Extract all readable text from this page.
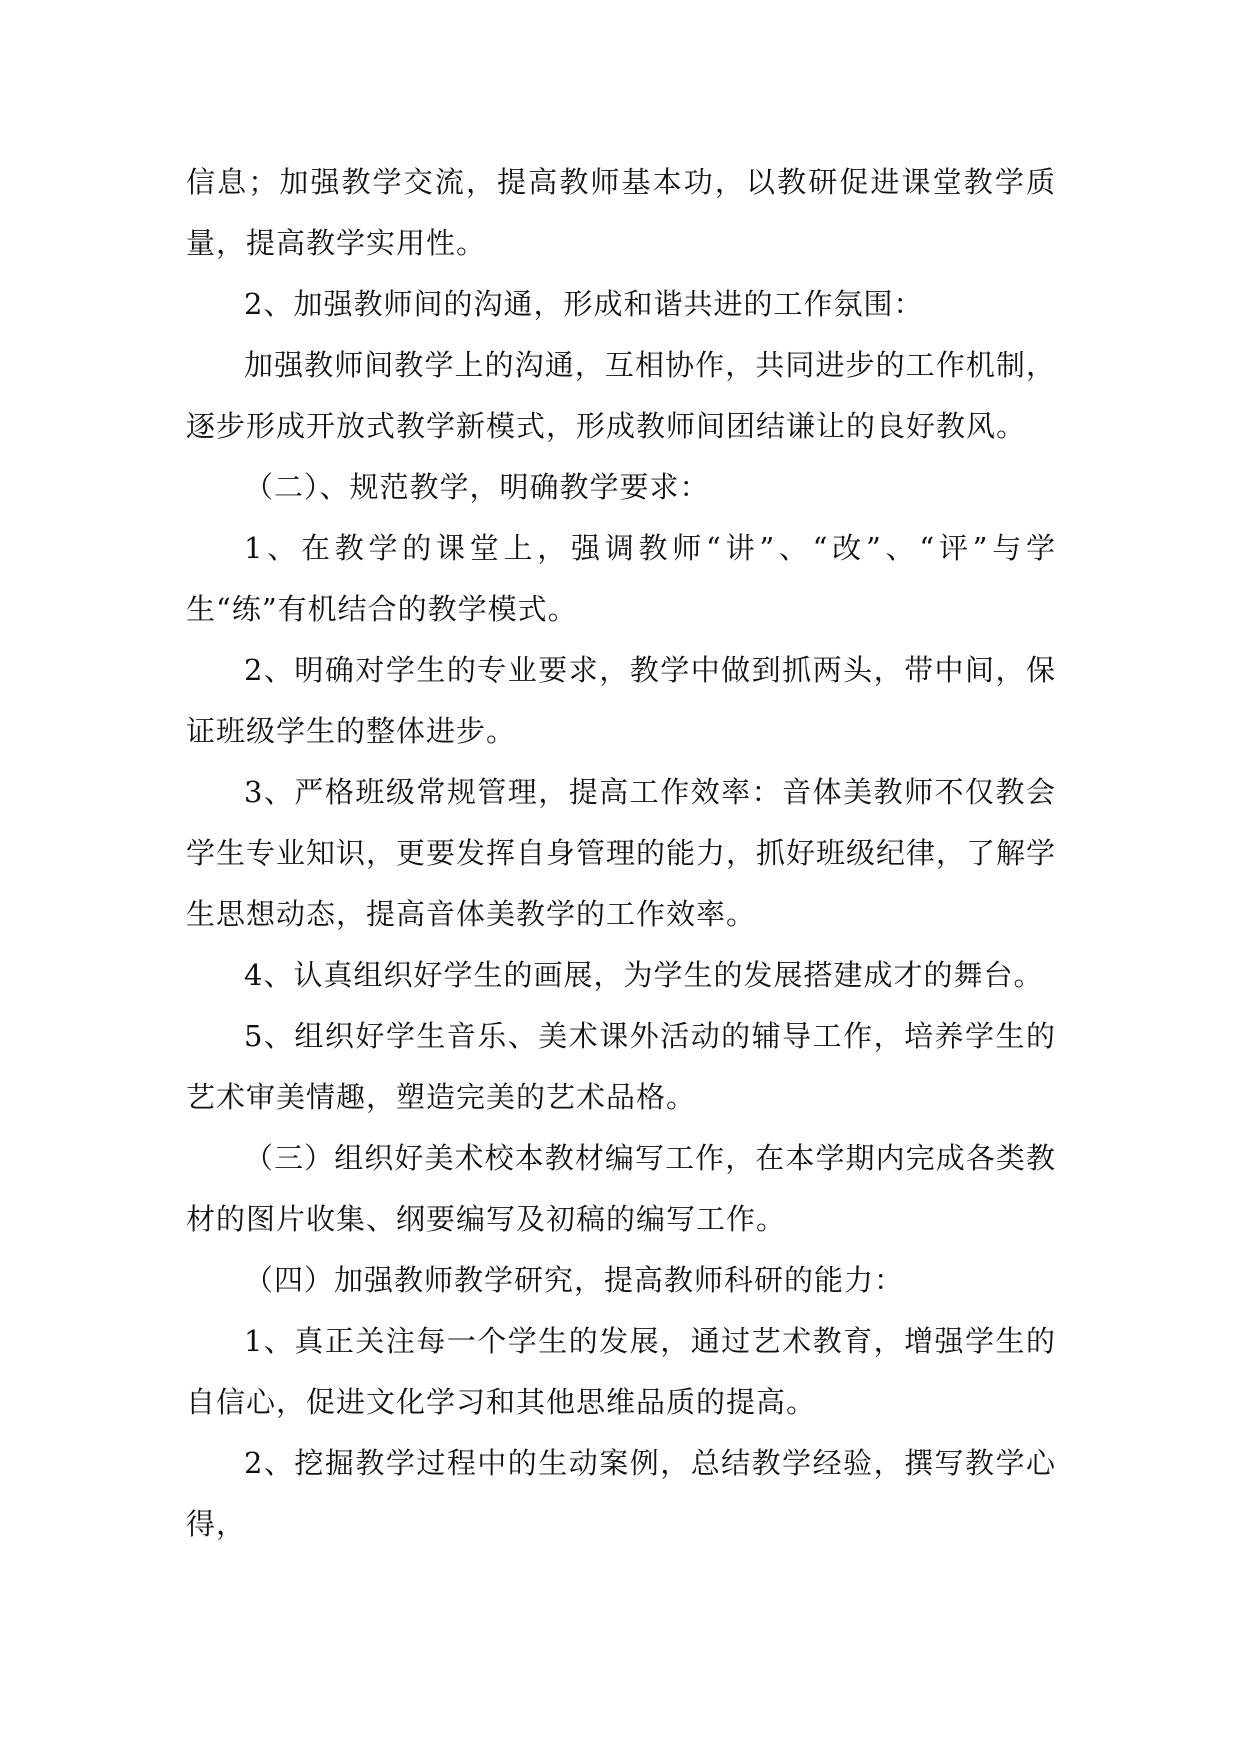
信息；加强教学交流，提高教师基本功，以教研促进课堂教学质量，提高教学实用性。

2、加强教师间的沟通，形成和谐共进的工作氛围：

加强教师间教学上的沟通，互相协作，共同进步的工作机制，逐步形成开放式教学新模式，形成教师间团结谦让的良好教风。

（二）、规范教学，明确教学要求：

1、在教学的课堂上，强调教师“讲”、“改”、“评”与学生“练”有机结合的教学模式。

2、明确对学生的专业要求，教学中做到抓两头，带中间，保证班级学生的整体进步。

3、严格班级常规管理，提高工作效率：音体美教师不仅教会学生专业知识，更要发挥自身管理的能力，抓好班级纪律，了解学生思想动态，提高音体美教学的工作效率。

4、认真组织好学生的画展，为学生的发展搭建成才的舞台。

5、组织好学生音乐、美术课外活动的辅导工作，培养学生的艺术审美情趣，塑造完美的艺术品格。

（三）组织好美术校本教材编写工作，在本学期内完成各类教材的图片收集、纲要编写及初稿的编写工作。

（四）加强教师教学研究，提高教师科研的能力：

1、真正关注每一个学生的发展，通过艺术教育，增强学生的自信心，促进文化学习和其他思维品质的提高。

2、挖掘教学过程中的生动案例，总结教学经验，撰写教学心得，
